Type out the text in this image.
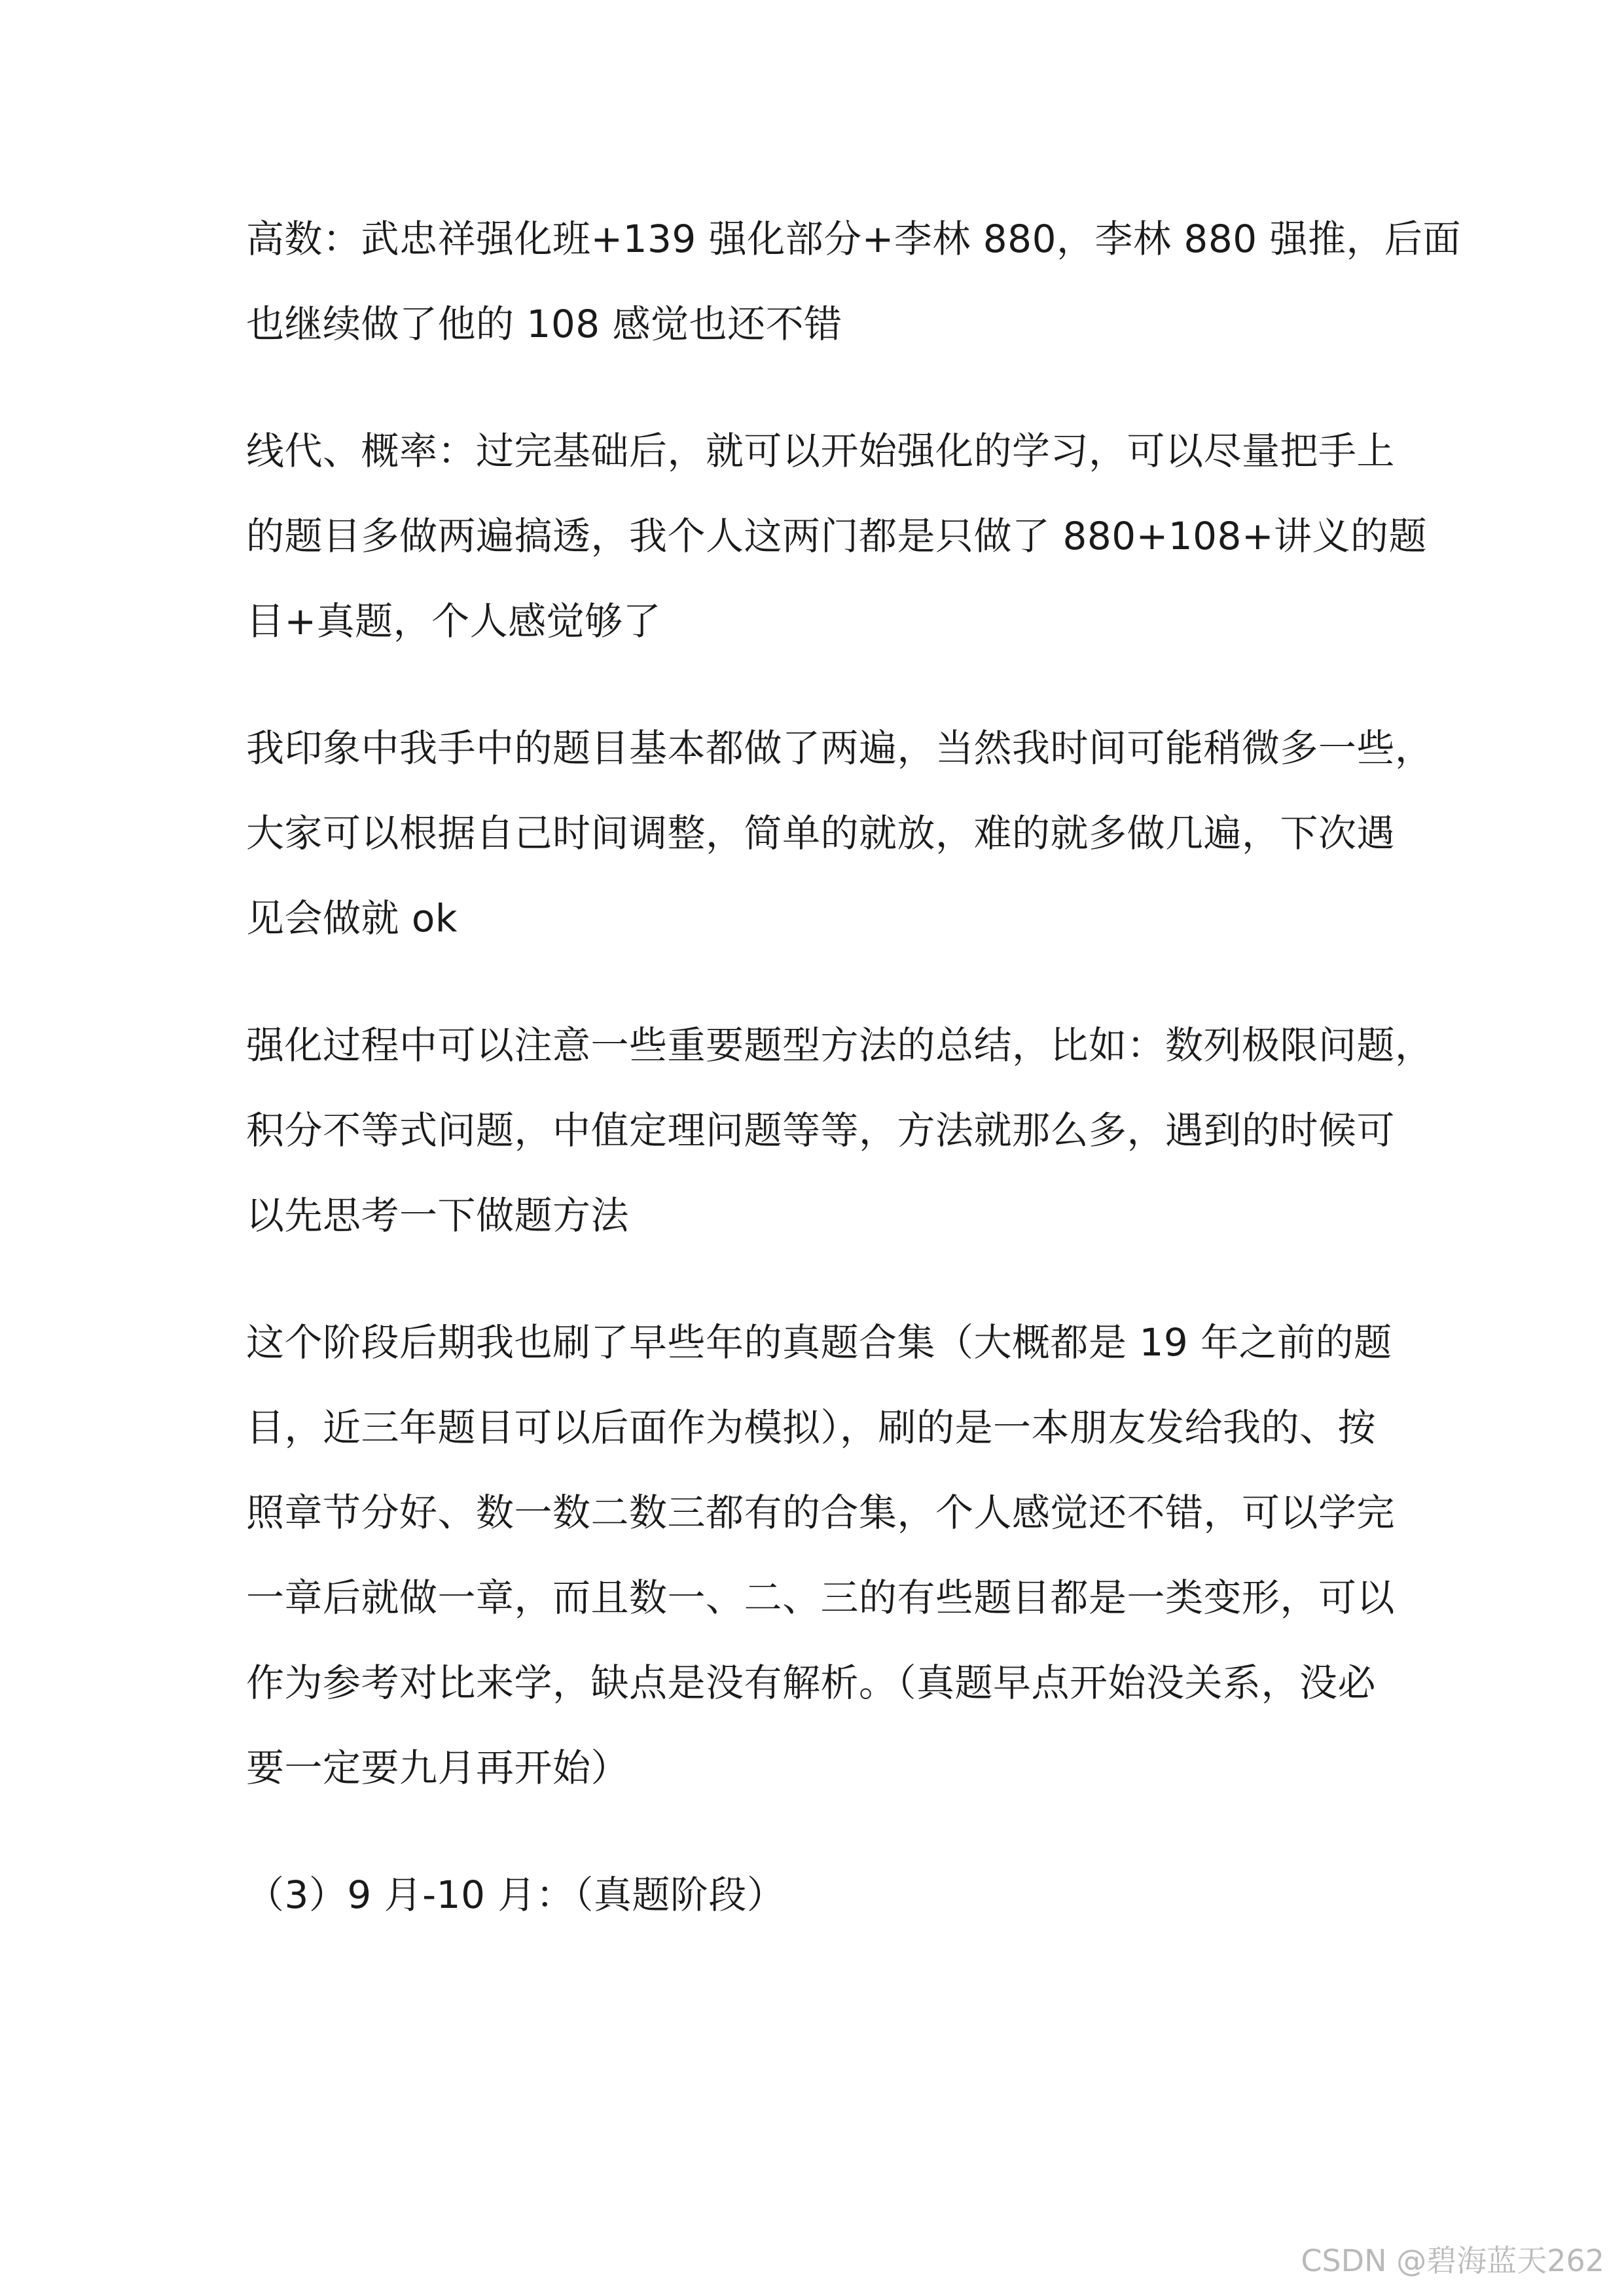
高数：武忠祥强化班+139 强化部分+李林 880，李林 880 强推，后面
也继续做了他的 108 感觉也还不错
线代、概率：过完基础后，就可以开始强化的学习，可以尽量把手上
的题目多做两遍搞透，我个人这两门都是只做了 880+108+讲义的题
目+真题，个人感觉够了
我印象中我手中的题目基本都做了两遍，当然我时间可能稍微多一些，
大家可以根据自己时间调整，简单的就放，难的就多做几遍，下次遇
见会做就 ok
强化过程中可以注意一些重要题型方法的总结，比如：数列极限问题，
积分不等式问题，中值定理问题等等，方法就那么多，遇到的时候可
以先思考一下做题方法
这个阶段后期我也刷了早些年的真题合集（大概都是 19 年之前的题
目，近三年题目可以后面作为模拟），刷的是一本朋友发给我的、按
照章节分好、数一数二数三都有的合集，个人感觉还不错，可以学完
一章后就做一章，而且数一、二、三的有些题目都是一类变形，可以
作为参考对比来学，缺点是没有解析。（真题早点开始没关系，没必
要一定要九月再开始）
（3）9 月-10 月：（真题阶段）
CSDN @碧海蓝天262
